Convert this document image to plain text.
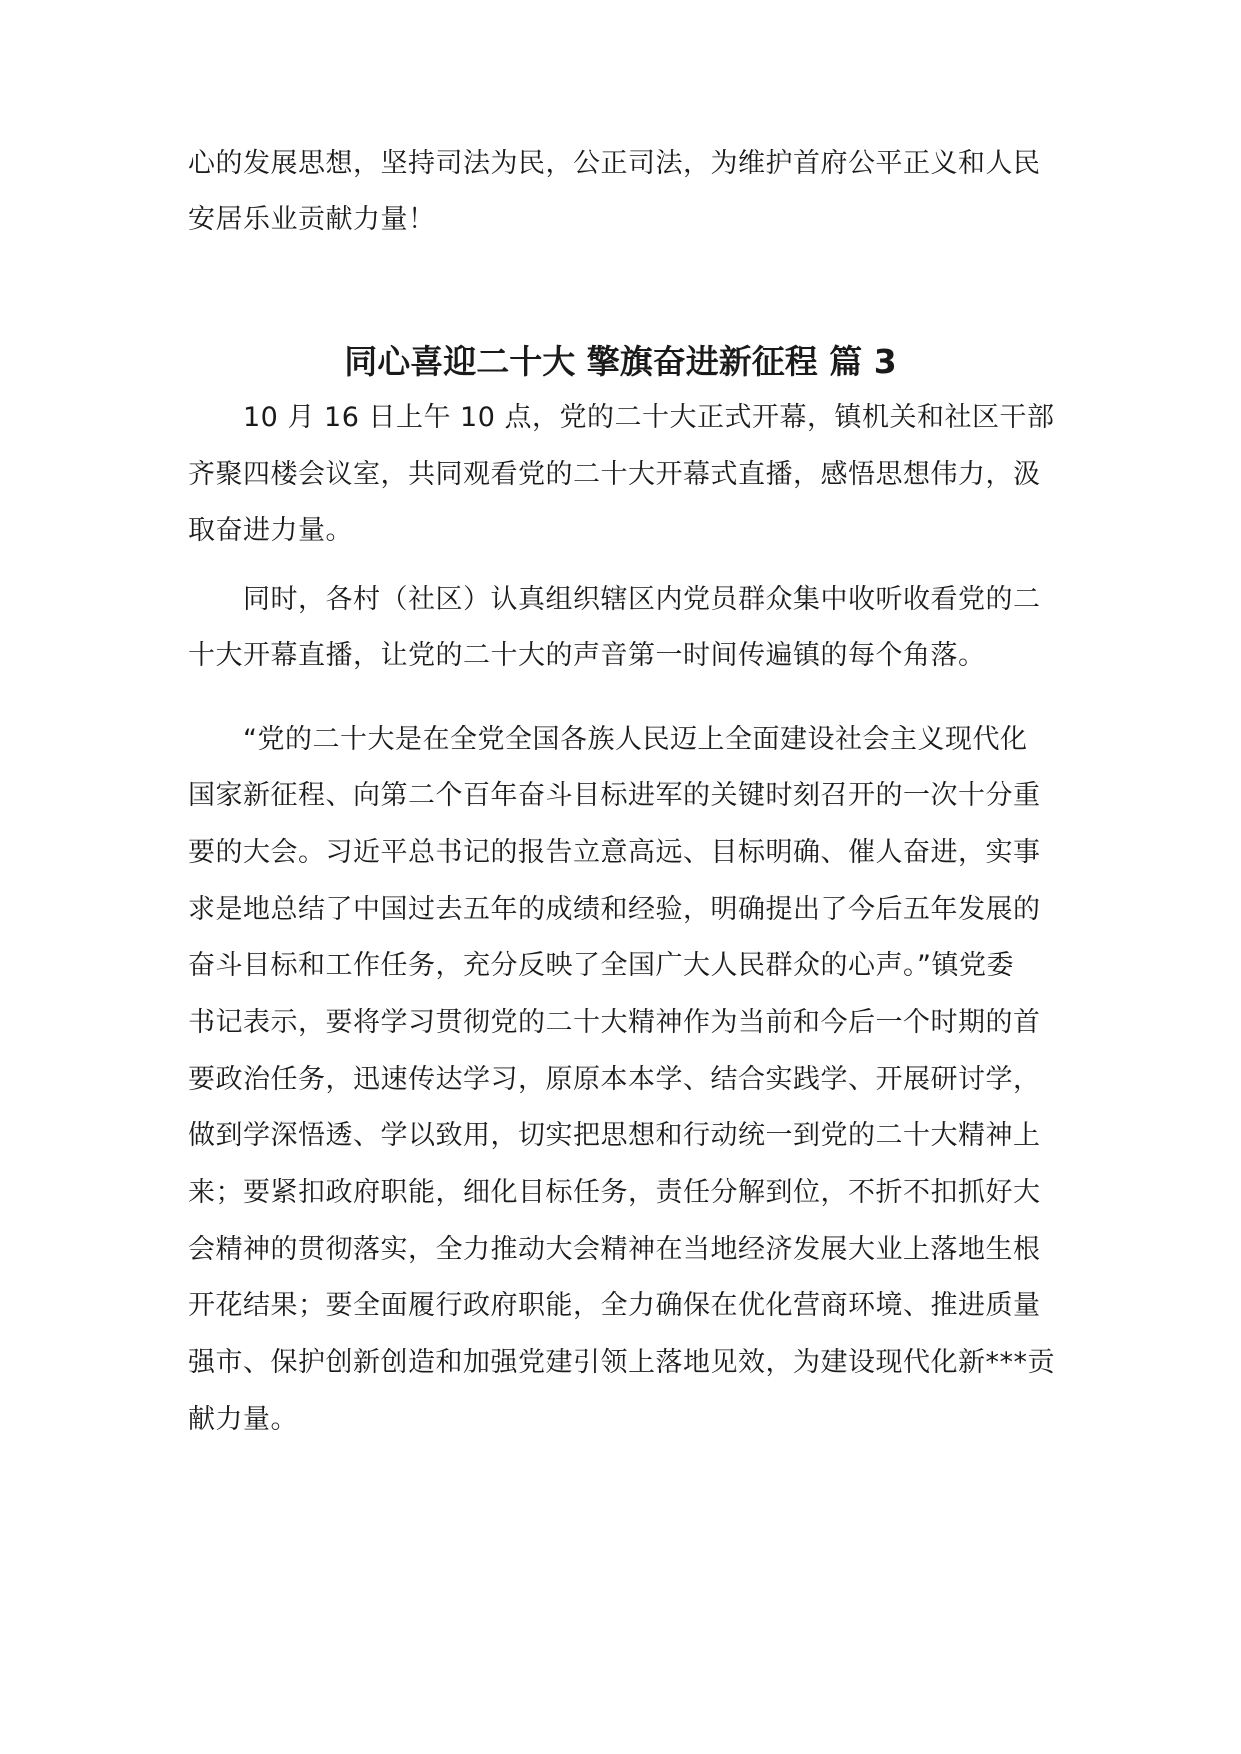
心的发展思想，坚持司法为民，公正司法，为维护首府公平正义和人民
安居乐业贡献力量！
同心喜迎二十大 擎旗奋进新征程 篇 3
10 月 16 日上午 10 点，党的二十大正式开幕，镇机关和社区干部
齐聚四楼会议室，共同观看党的二十大开幕式直播，感悟思想伟力，汲
取奋进力量。
同时，各村（社区）认真组织辖区内党员群众集中收听收看党的二
十大开幕直播，让党的二十大的声音第一时间传遍镇的每个角落。
“党的二十大是在全党全国各族人民迈上全面建设社会主义现代化
国家新征程、向第二个百年奋斗目标进军的关键时刻召开的一次十分重
要的大会。习近平总书记的报告立意高远、目标明确、催人奋进，实事
求是地总结了中国过去五年的成绩和经验，明确提出了今后五年发展的
奋斗目标和工作任务，充分反映了全国广大人民群众的心声。”镇党委
书记表示，要将学习贯彻党的二十大精神作为当前和今后一个时期的首
要政治任务，迅速传达学习，原原本本学、结合实践学、开展研讨学，
做到学深悟透、学以致用，切实把思想和行动统一到党的二十大精神上
来；要紧扣政府职能，细化目标任务，责任分解到位，不折不扣抓好大
会精神的贯彻落实，全力推动大会精神在当地经济发展大业上落地生根
开花结果；要全面履行政府职能，全力确保在优化营商环境、推进质量
强市、保护创新创造和加强党建引领上落地见效，为建设现代化新***贡
献力量。
